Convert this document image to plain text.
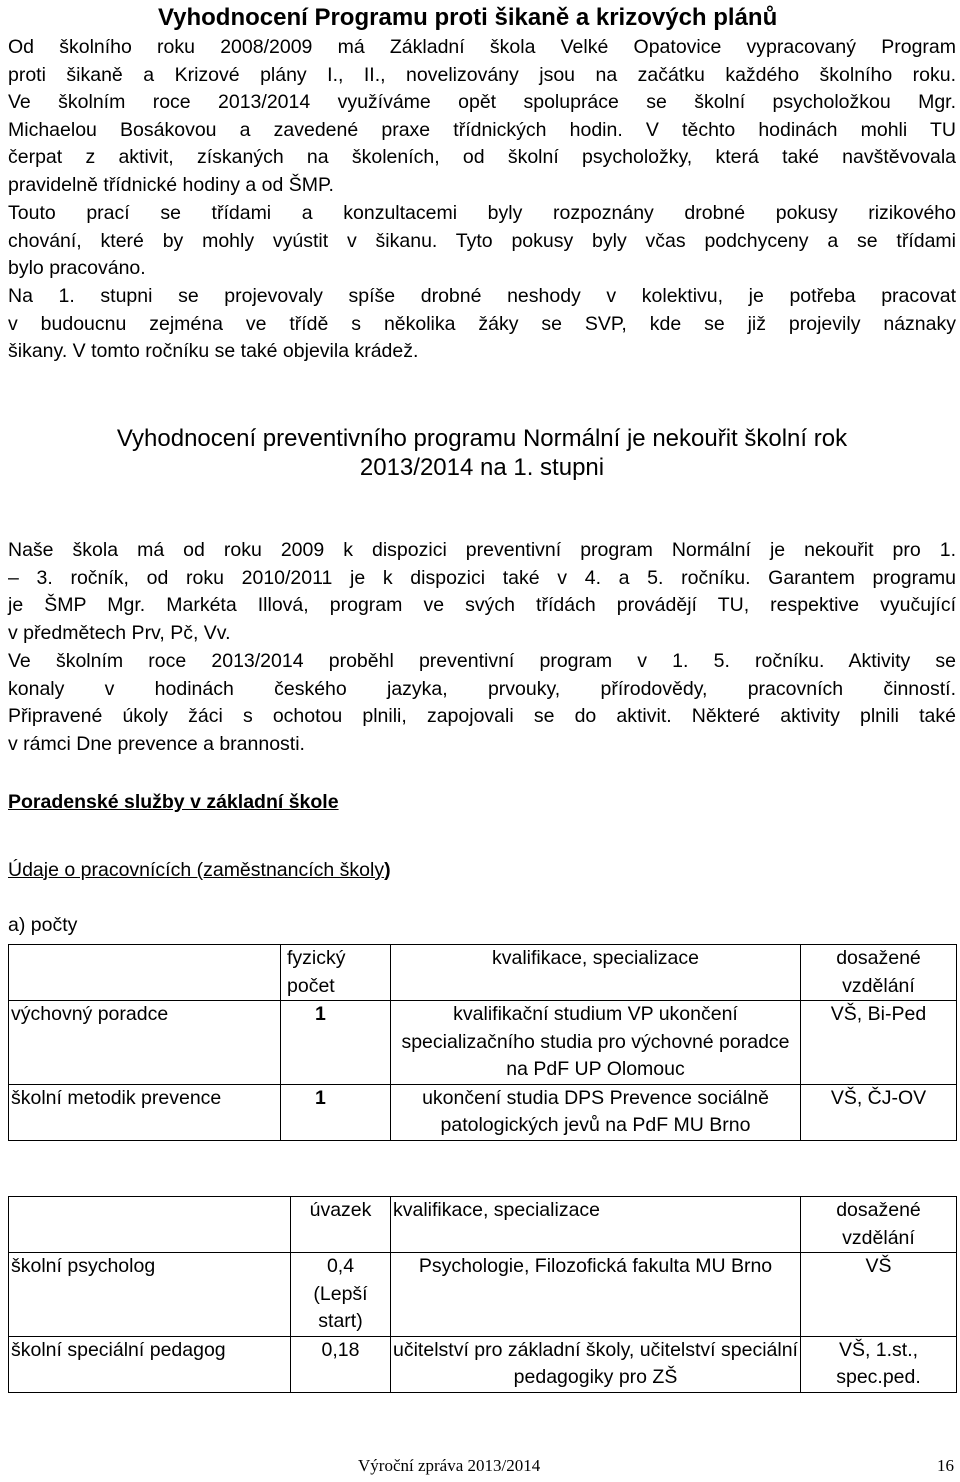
Vyhodnocení Programu proti šikaně a krizových plánů
Od školního roku 2008/2009 má Základní škola Velké Opatovice vypracovaný Program
proti šikaně a Krizové plány I., II., novelizovány jsou na začátku každého školního roku.
Ve školním roce 2013/2014 využíváme opět spolupráce se školní psycholožkou Mgr.
Michaelou Bosákovou a zavedené praxe třídnických hodin. V těchto hodinách mohli TU
čerpat z aktivit, získaných na školeních, od školní psycholožky, která také navštěvovala
pravidelně třídnické hodiny a od ŠMP.
Touto prací se třídami a konzultacemi byly rozpoznány drobné pokusy rizikového
chování, které by mohly vyústit v šikanu. Tyto pokusy byly včas podchyceny a se třídami
bylo pracováno.
Na 1. stupni se projevovaly spíše drobné neshody v kolektivu, je potřeba pracovat
v budoucnu zejména ve třídě s několika žáky se SVP, kde se již projevily náznaky
šikany. V tomto ročníku se také objevila krádež.

Vyhodnocení preventivního programu Normální je nekouřit školní rok

2013/2014 na 1. stupni

Naše škola má od roku 2009 k dispozici preventivní program Normální je nekouřit pro 1.
– 3. ročník, od roku 2010/2011 je k dispozici také v 4. a 5. ročníku. Garantem programu
je ŠMP Mgr. Markéta Illová, program ve svých třídách provádějí TU, respektive vyučující
v předmětech Prv, Pč, Vv.
Ve školním roce 2013/2014 proběhl preventivní program v 1. 5. ročníku. Aktivity se
konaly v hodinách českého jazyka, prvouky, přírodovědy, pracovních činností.
Připravené úkoly žáci s ochotou plnili, zapojovali se do aktivit. Některé aktivity plnili také
v rámci Dne prevence a brannosti.
Poradenské služby v základní škole
Údaje o pracovnících (zaměstnancích školy)
a) počty
	fyzický počet	kvalifikace, specializace	dosažené vzdělání
výchovný poradce	1	kvalifikační studium VP ukončení specializačního studia pro výchovné poradce na PdF UP Olomouc	VŠ, Bi-Ped
školní metodik prevence	1	ukončení studia DPS Prevence sociálně patologických jevů na PdF MU Brno	VŠ, ČJ-OV
	úvazek	kvalifikace, specializace	dosažené vzdělání
školní psycholog	0,4 (Lepší start)	Psychologie, Filozofická fakulta MU Brno	VŠ
školní speciální pedagog	0,18	učitelství pro základní školy, učitelství speciální pedagogiky pro ZŠ	VŠ, 1.st., spec.ped.
Výroční zpráva 2013/2014	16
